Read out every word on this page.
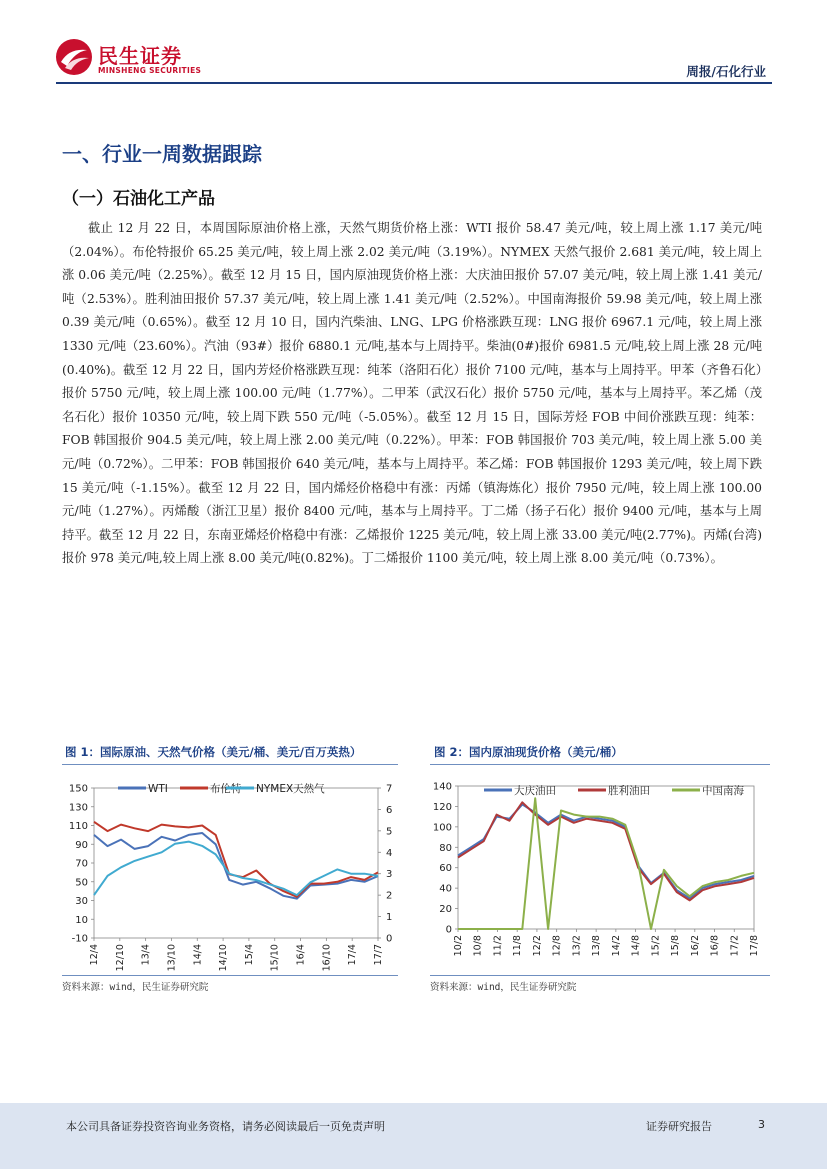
民生证券
MINSHENG SECURITIES	周报/石化行业
一、行业一周数据跟踪
（一）石油化工产品

截止 12 月 22 日，本周国际原油价格上涨，天然气期货价格上涨：WTI 报价 58.47 美元/吨，较上周上涨 1.17 美元/吨（2.04%）。布伦特报价 65.25 美元/吨，较上周上涨 2.02 美元/吨（3.19%）。NYMEX 天然气报价 2.681 美元/吨，较上周上涨 0.06 美元/吨（2.25%）。截至 12 月 15 日，国内原油现货价格上涨：大庆油田报价 57.07 美元/吨，较上周上涨 1.41 美元/吨（2.53%）。胜利油田报价 57.37 美元/吨，较上周上涨 1.41 美元/吨（2.52%）。中国南海报价 59.98 美元/吨，较上周上涨 0.39 美元/吨（0.65%）。截至 12 月 10 日，国内汽柴油、LNG、LPG 价格涨跌互现：LNG 报价 6967.1 元/吨，较上周上涨 1330 元/吨（23.60%）。汽油（93#）报价 6880.1 元/吨,基本与上周持平。柴油(0#)报价 6981.5 元/吨,较上周上涨 28 元/吨(0.40%)。截至 12 月 22 日，国内芳烃价格涨跌互现：纯苯（洛阳石化）报价 7100 元/吨，基本与上周持平。甲苯（齐鲁石化）报价 5750 元/吨，较上周上涨 100.00 元/吨（1.77%）。二甲苯（武汉石化）报价 5750 元/吨，基本与上周持平。苯乙烯（茂名石化）报价 10350 元/吨，较上周下跌 550 元/吨（-5.05%）。截至 12 月 15 日，国际芳烃 FOB 中间价涨跌互现：纯苯：FOB 韩国报价 904.5 美元/吨，较上周上涨 2.00 美元/吨（0.22%）。甲苯：FOB 韩国报价 703 美元/吨，较上周上涨 5.00 美元/吨（0.72%）。二甲苯：FOB 韩国报价 640 美元/吨，基本与上周持平。苯乙烯：FOB 韩国报价 1293 美元/吨，较上周下跌 15 美元/吨（-1.15%）。截至 12 月 22 日，国内烯烃价格稳中有涨：丙烯（镇海炼化）报价 7950 元/吨，较上周上涨 100.00 元/吨（1.27%）。丙烯酸（浙江卫星）报价 8400 元/吨，基本与上周持平。丁二烯（扬子石化）报价 9400 元/吨，基本与上周持平。截至 12 月 22 日，东南亚烯烃价格稳中有涨：乙烯报价 1225 美元/吨，较上周上涨 33.00 美元/吨(2.77%)。丙烯(台湾)报价 978 美元/吨,较上周上涨 8.00 美元/吨(0.82%)。丁二烯报价 1100 美元/吨，较上周上涨 8.00 美元/吨（0.73%）。

图 1：国际原油、天然气价格（美元/桶、美元/百万英热）
-10
10
30
50
70
90
110
130
150
0
1
2
3
4
5
6
7
12/4 12/10 13/4 13/10 14/4 14/10 15/4 15/10 16/4 16/10 17/4 17/7
WTI	布伦特 NYMEX天然气
资料来源：wind，民生证券研究院
图 2：国内原油现货价格（美元/桶）
0
20
40
60
80
100
120
140
10/2 10/8 11/2 11/8 12/2 12/8 13/2 13/8 14/2 14/8 15/2 15/8 16/2 16/8 17/2 17/8
大庆油田	胜利油田	中国南海
资料来源：wind，民生证券研究院
本公司具备证券投资咨询业务资格，请务必阅读最后一页免责声明	证券研究报告	3
